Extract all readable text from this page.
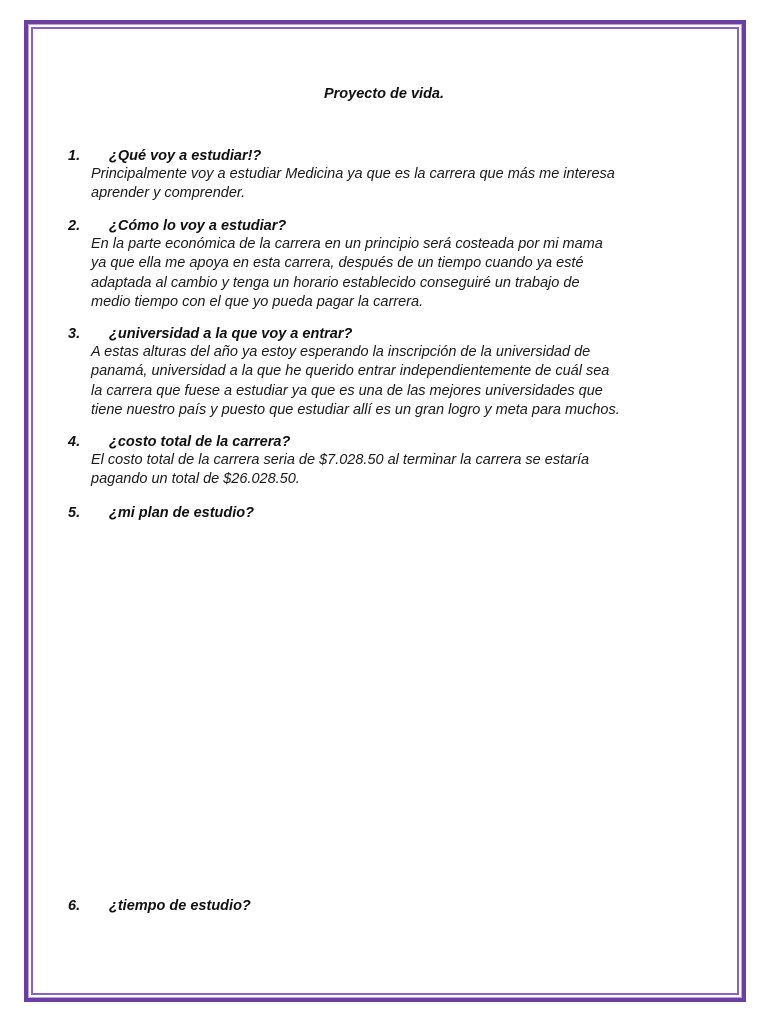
Proyecto de vida.
1. ¿Qué voy a estudiar!?
Principalmente voy a estudiar Medicina ya que es la carrera que más me interesa
aprender y comprender.
2. ¿Cómo lo voy a estudiar?
En la parte económica de la carrera en un principio será costeada por mi mama
ya que ella me apoya en esta carrera, después de un tiempo cuando ya esté
adaptada al cambio y tenga un horario establecido conseguiré un trabajo de
medio tiempo con el que yo pueda pagar la carrera.
3. ¿universidad a la que voy a entrar?
A estas alturas del año ya estoy esperando la inscripción de la universidad de
panamá, universidad a la que he querido entrar independientemente de cuál sea
la carrera que fuese a estudiar ya que es una de las mejores universidades que
tiene nuestro país y puesto que estudiar allí es un gran logro y meta para muchos.
4. ¿costo total de la carrera?
El costo total de la carrera seria de $7.028.50 al terminar la carrera se estaría
pagando un total de $26.028.50.
5. ¿mi plan de estudio?
6. ¿tiempo de estudio?
